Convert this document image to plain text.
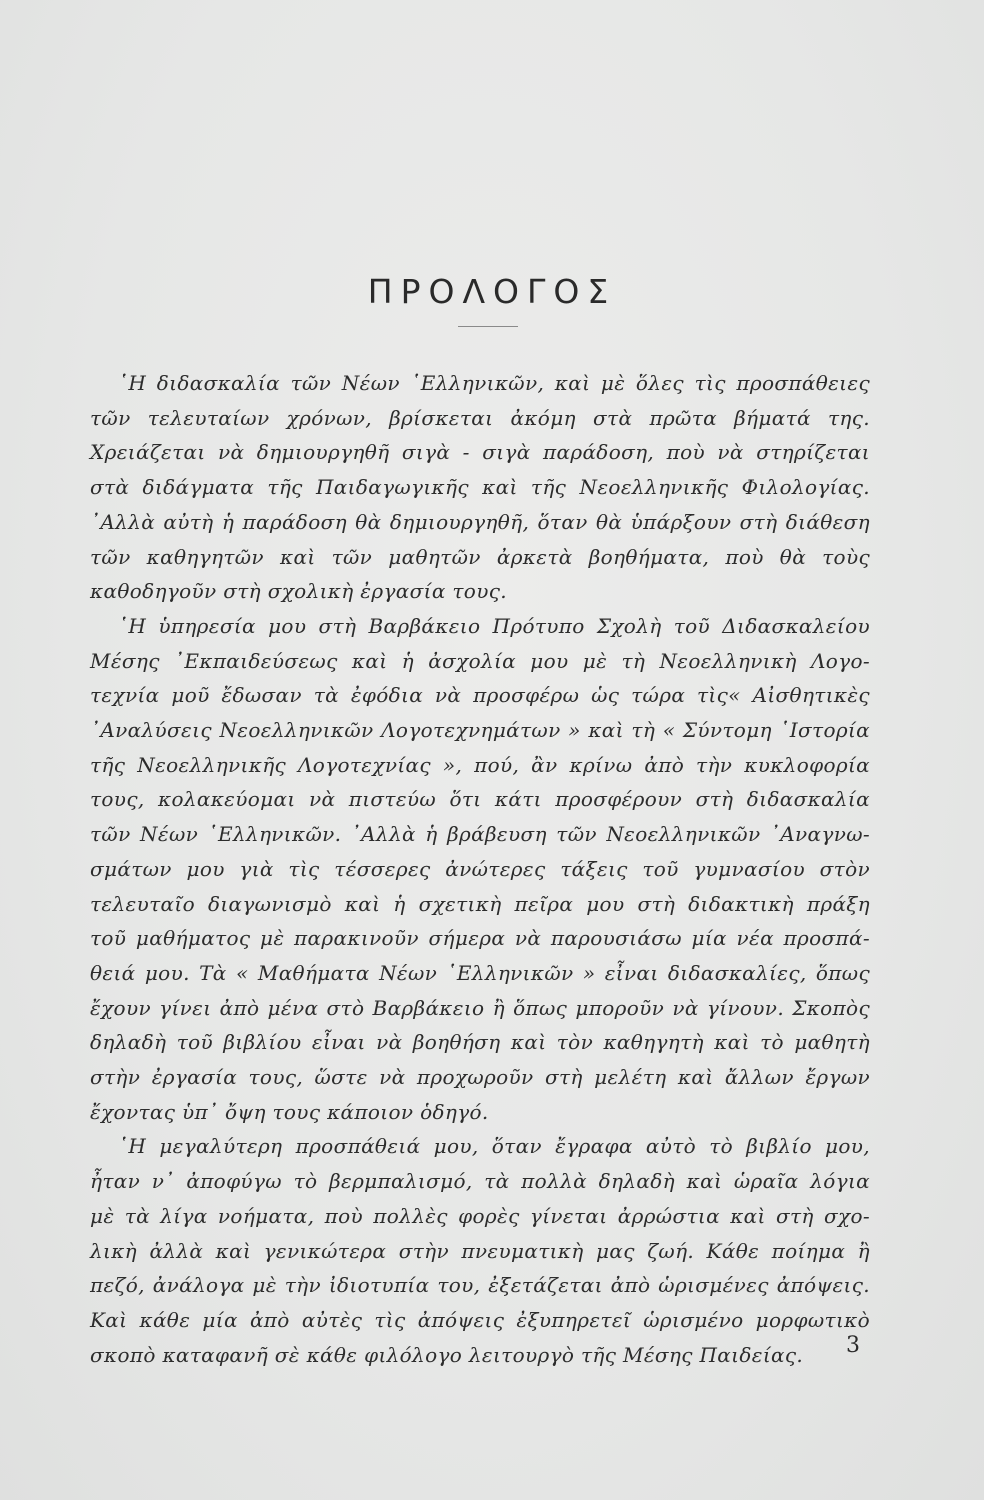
ΠΡΟΛΟΓΟΣ
῾Η διδασκαλία τῶν Νέων ῾Ελληνικῶν, καὶ μὲ ὅλες τὶς προσπάθειες
τῶν τελευταίων χρόνων, βρίσκεται ἀκόμη στὰ πρῶτα βήματά της.
Χρειάζεται νὰ δημιουργηθῆ σιγὰ - σιγὰ παράδοση, ποὺ νὰ στηρίζεται
στὰ διδάγματα τῆς Παιδαγωγικῆς καὶ τῆς Νεοελληνικῆς Φιλολογίας.
᾿Αλλὰ αὐτὴ ἡ παράδοση θὰ δημιουργηθῆ, ὅταν θὰ ὑπάρξουν στὴ διάθεση
τῶν καθηγητῶν καὶ τῶν μαθητῶν ἀρκετὰ βοηθήματα, ποὺ θὰ τοὺς
καθοδηγοῦν στὴ σχολικὴ ἐργασία τους.
῾Η ὑπηρεσία μου στὴ Βαρβάκειο Πρότυπο Σχολὴ τοῦ Διδασκαλείου
Μέσης ᾿Εκπαιδεύσεως καὶ ἡ ἀσχολία μου μὲ τὴ Νεοελληνικὴ Λογο-
τεχνία μοῦ ἔδωσαν τὰ ἐφόδια νὰ προσφέρω ὡς τώρα τὶς« Αἰσθητικὲς
᾿Αναλύσεις Νεοελληνικῶν Λογοτεχνημάτων » καὶ τὴ « Σύντομη ῾Ιστορία
τῆς Νεοελληνικῆς Λογοτεχνίας », πού, ἂν κρίνω ἀπὸ τὴν κυκλοφορία
τους, κολακεύομαι νὰ πιστεύω ὅτι κάτι προσφέρουν στὴ διδασκαλία
τῶν Νέων ῾Ελληνικῶν. ᾿Αλλὰ ἡ βράβευση τῶν Νεοελληνικῶν ᾿Αναγνω-
σμάτων μου γιὰ τὶς τέσσερες ἀνώτερες τάξεις τοῦ γυμνασίου στὸν
τελευταῖο διαγωνισμὸ καὶ ἡ σχετικὴ πεῖρα μου στὴ διδακτικὴ πράξη
τοῦ μαθήματος μὲ παρακινοῦν σήμερα νὰ παρουσιάσω μία νέα προσπά-
θειά μου. Τὰ « Μαθήματα Νέων ῾Ελληνικῶν » εἶναι διδασκαλίες, ὅπως
ἔχουν γίνει ἀπὸ μένα στὸ Βαρβάκειο ἢ ὅπως μποροῦν νὰ γίνουν. Σκοπὸς
δηλαδὴ τοῦ βιβλίου εἶναι νὰ βοηθήση καὶ τὸν καθηγητὴ καὶ τὸ μαθητὴ
στὴν ἐργασία τους, ὥστε νὰ προχωροῦν στὴ μελέτη καὶ ἄλλων ἔργων
ἔχοντας ὑπ᾿ ὄψη τους κάποιον ὁδηγό.
῾Η μεγαλύτερη προσπάθειά μου, ὅταν ἔγραφα αὐτὸ τὸ βιβλίο μου,
ἦταν ν᾿ ἀποφύγω τὸ βερμπαλισμό, τὰ πολλὰ δηλαδὴ καὶ ὡραῖα λόγια
μὲ τὰ λίγα νοήματα, ποὺ πολλὲς φορὲς γίνεται ἀρρώστια καὶ στὴ σχο-
λικὴ ἀλλὰ καὶ γενικώτερα στὴν πνευματικὴ μας ζωή. Κάθε ποίημα ἢ
πεζό, ἀνάλογα μὲ τὴν ἰδιοτυπία του, ἐξετάζεται ἀπὸ ὡρισμένες ἀπόψεις.
Καὶ κάθε μία ἀπὸ αὐτὲς τὶς ἀπόψεις ἐξυπηρετεῖ ὡρισμένο μορφωτικὸ
σκοπὸ καταφανῆ σὲ κάθε φιλόλογο λειτουργὸ τῆς Μέσης Παιδείας.	3
